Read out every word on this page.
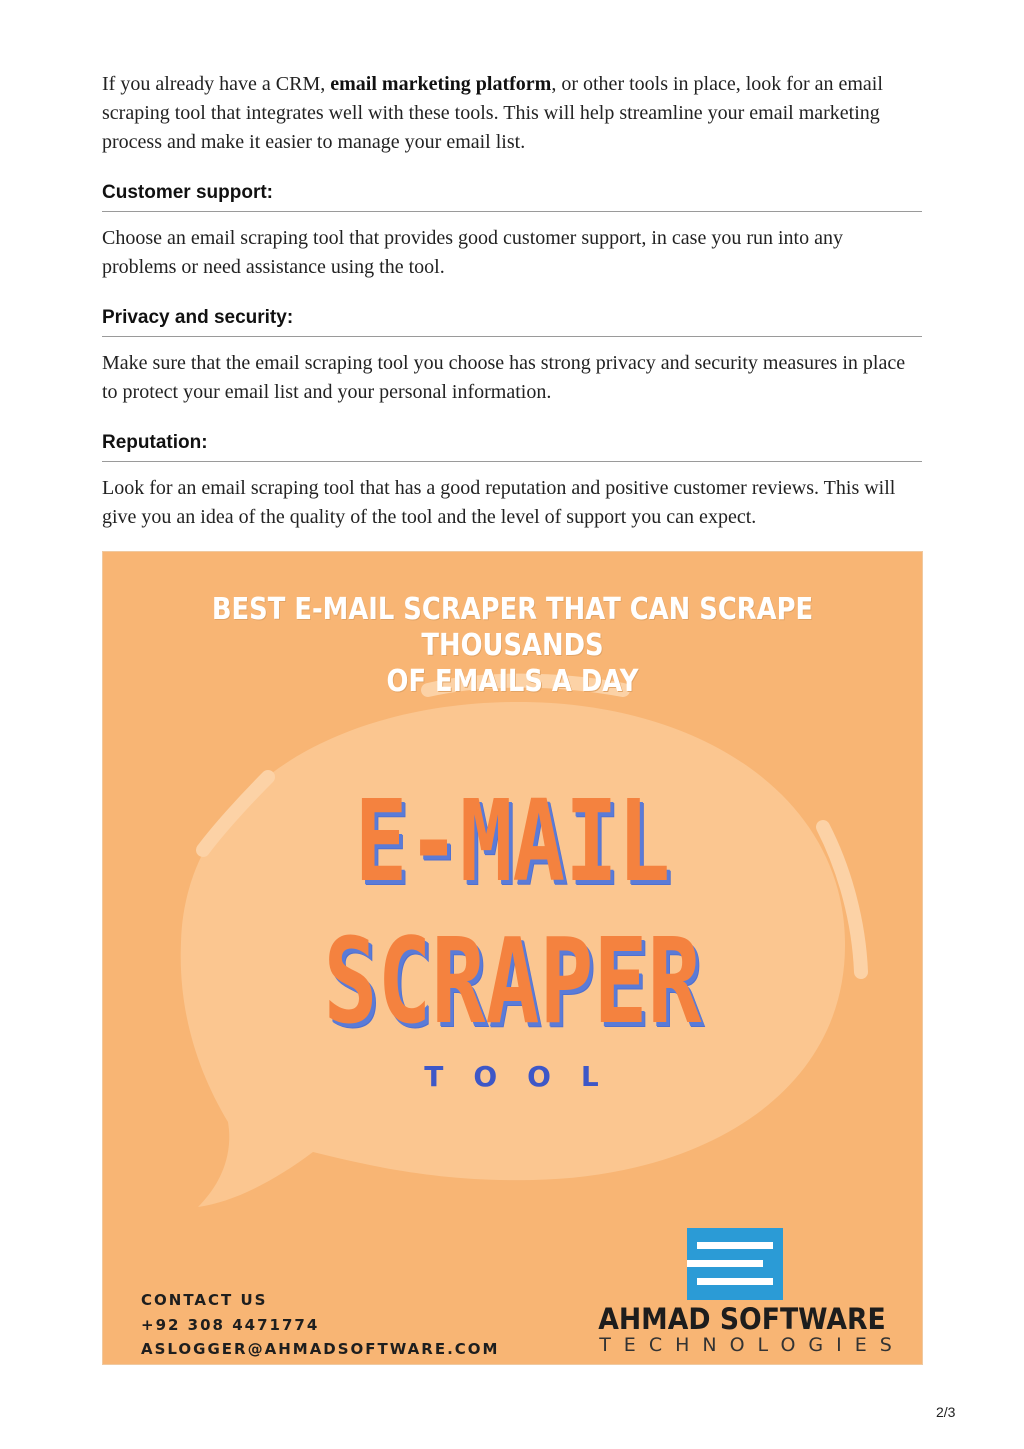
If you already have a CRM, email marketing platform, or other tools in place, look for an email scraping tool that integrates well with these tools. This will help streamline your email marketing process and make it easier to manage your email list.

Customer support:

Choose an email scraping tool that provides good customer support, in case you run into any problems or need assistance using the tool.

Privacy and security:

Make sure that the email scraping tool you choose has strong privacy and security measures in place to protect your email list and your personal information.

Reputation:

Look for an email scraping tool that has a good reputation and positive customer reviews. This will give you an idea of the quality of the tool and the level of support you can expect.

BEST E-MAIL SCRAPER THAT CAN SCRAPE THOUSANDS
OF EMAILS A DAY
E-MAIL
SCRAPER
TOOL
CONTACT US
+92 308 4471774
ASLOGGER@AHMADSOFTWARE.COM
AHMAD SOFTWARE
TECHNOLOGIES
2/3
